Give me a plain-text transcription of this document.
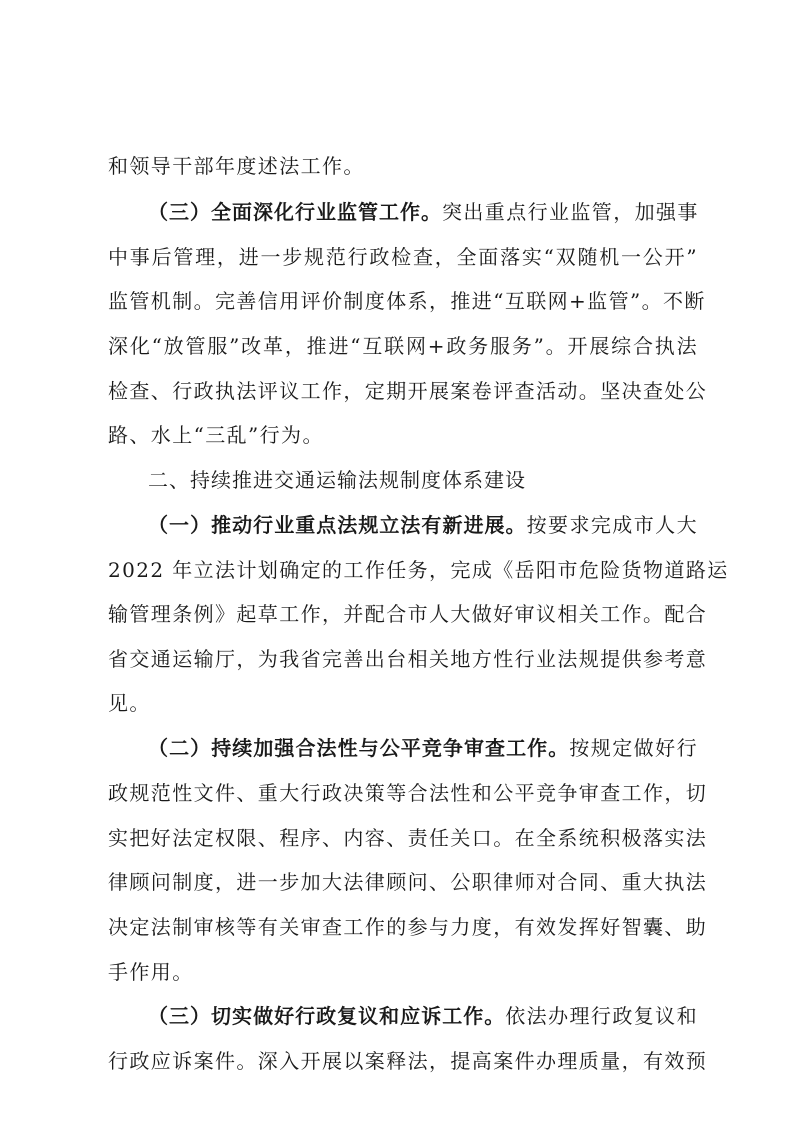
和领导干部年度述法工作。
（三）全面深化行业监管工作。突出重点行业监管，加强事
中事后管理，进一步规范行政检查，全面落实“双随机一公开”
监管机制。完善信用评价制度体系，推进“互联网+监管”。不断
深化“放管服”改革，推进“互联网+政务服务”。开展综合执法
检查、行政执法评议工作，定期开展案卷评查活动。坚决查处公
路、水上“三乱”行为。
二、持续推进交通运输法规制度体系建设
（一）推动行业重点法规立法有新进展。按要求完成市人大
2022 年立法计划确定的工作任务，完成《岳阳市危险货物道路运
输管理条例》起草工作，并配合市人大做好审议相关工作。配合
省交通运输厅，为我省完善出台相关地方性行业法规提供参考意
见。
（二）持续加强合法性与公平竞争审查工作。按规定做好行
政规范性文件、重大行政决策等合法性和公平竞争审查工作，切
实把好法定权限、程序、内容、责任关口。在全系统积极落实法
律顾问制度，进一步加大法律顾问、公职律师对合同、重大执法
决定法制审核等有关审查工作的参与力度，有效发挥好智囊、助
手作用。
（三）切实做好行政复议和应诉工作。依法办理行政复议和
行政应诉案件。深入开展以案释法，提高案件办理质量，有效预
